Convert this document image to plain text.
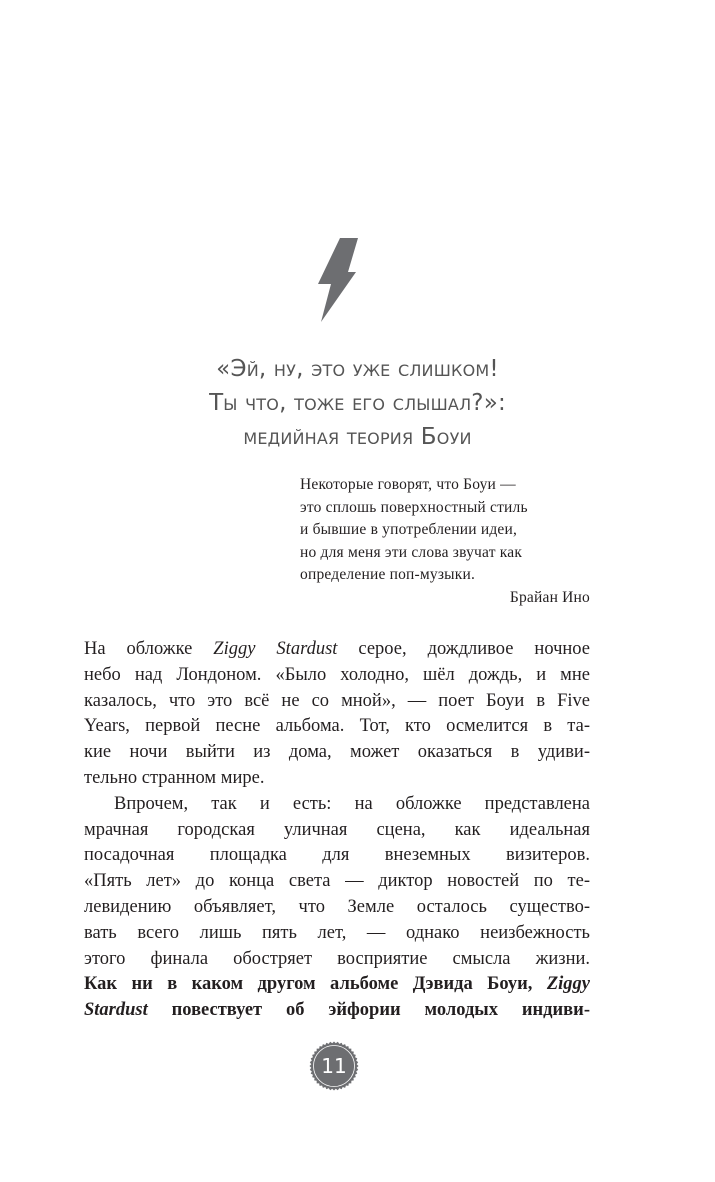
«Эй, ну, это уже слишком!
Ты что, тоже его слышал?»:
медийная теория Боуи
Некоторые говорят, что Боуи —
это сплошь поверхностный стиль
и бывшие в употреблении идеи,
но для меня эти слова звучат как
определение поп-музыки.
Брайан Ино
На обложке Ziggy Stardust серое, дождливое ночное
небо над Лондоном. «Было холодно, шёл дождь, и мне
казалось, что это всё не со мной», — поет Боуи в Five
Years, первой песне альбома. Тот, кто осмелится в та-
кие ночи выйти из дома, может оказаться в удиви-
тельно странном мире.
Впрочем, так и есть: на обложке представлена
мрачная городская уличная сцена, как идеальная
посадочная площадка для внеземных визитеров.
«Пять лет» до конца света — диктор новостей по те-
левидению объявляет, что Земле осталось существо-
вать всего лишь пять лет, — однако неизбежность
этого финала обостряет восприятие смысла жизни.
Как ни в каком другом альбоме Дэвида Боуи, Ziggy
Stardust повествует об эйфории молодых индиви-
11
